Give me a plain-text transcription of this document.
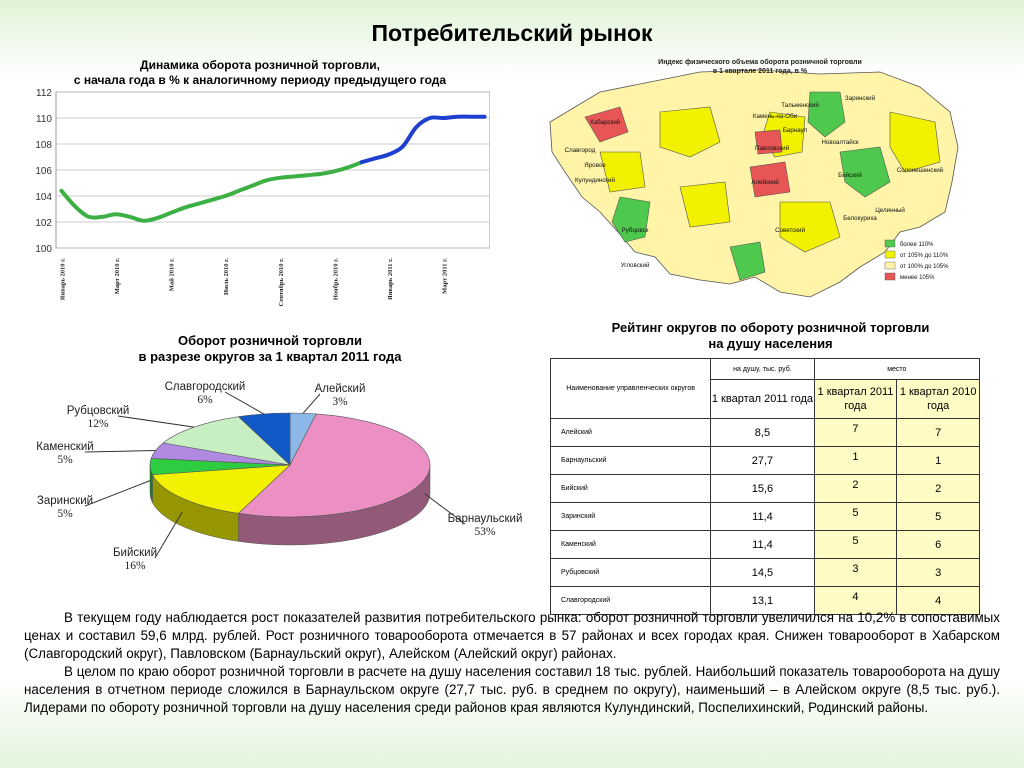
Потребительский рынок
Динамика оборота розничной торговли,
с начала года в % к аналогичному периоду предыдущего года
100
102
104
106
108
110
112
Январь 2010 г.	Март 2010 г.	Май 2010 г.	Июль 2010 г.	Сентябрь 2010 г.	Ноябрь 2010 г.	Январь 2011 г.	Март 2011 г.
Оборот розничной торговли
в разрезе округов за 1 квартал 2011 года
Алейский
3%
Барнаульский
53%
Бийский
16%
Заринский
5%
Каменский
5%
Рубцовский
12%
Славгородский
6%
Хабарский
Кулундинский
Павловский
Алейский
Заринский
Бийский
Белокуриха
Славгород
Рубцовск
Барнаул
Новоалтайск
Камень-на-Оби
Яровое
Угловский
Тальменский
Целинный
Советский
Солонешенский
более 110%
от 105% до 110%
от 100% до 105%
менее 105%
Индекс физического объема оборота розничной торговли
в 1 квартале 2011 года, в %
Рейтинг округов по обороту розничной торговли
на душу населения
Наименование управленческих округов	на душу, тыс. руб.	место	
	1 квартал 2011 года	1 квартал 2011 года	1 квартал 2010 года
Алейский	8,5	7	7
Барнаульский	27,7	1	1
Бийский	15,6	2	2
Заринский	11,4	5	5
Каменский	11,4	5	6
Рубцовский	14,5	3	3
Славгородский	13,1	4	4

В текущем году наблюдается рост показателей развития потребительского рынка: оборот розничной торговли увеличился на 10,2% в сопоставимых ценах и составил 59,6 млрд. рублей. Рост розничного товарооборота отмечается в 57 районах и всех городах края. Снижен товарооборот в Хабарском (Славгородский округ), Павловском (Барнаульский округ), Алейском (Алейский округ) районах.

В целом по краю оборот розничной торговли в расчете на душу населения составил 18 тыс. рублей. Наибольший показатель товарооборота на душу населения в отчетном периоде сложился в Барнаульском округе (27,7 тыс. руб. в среднем по округу), наименьший – в Алейском округе (8,5 тыс. руб.). Лидерами по обороту розничной торговли на душу населения среди районов края являются Кулундинский, Поспелихинский, Родинский районы.
